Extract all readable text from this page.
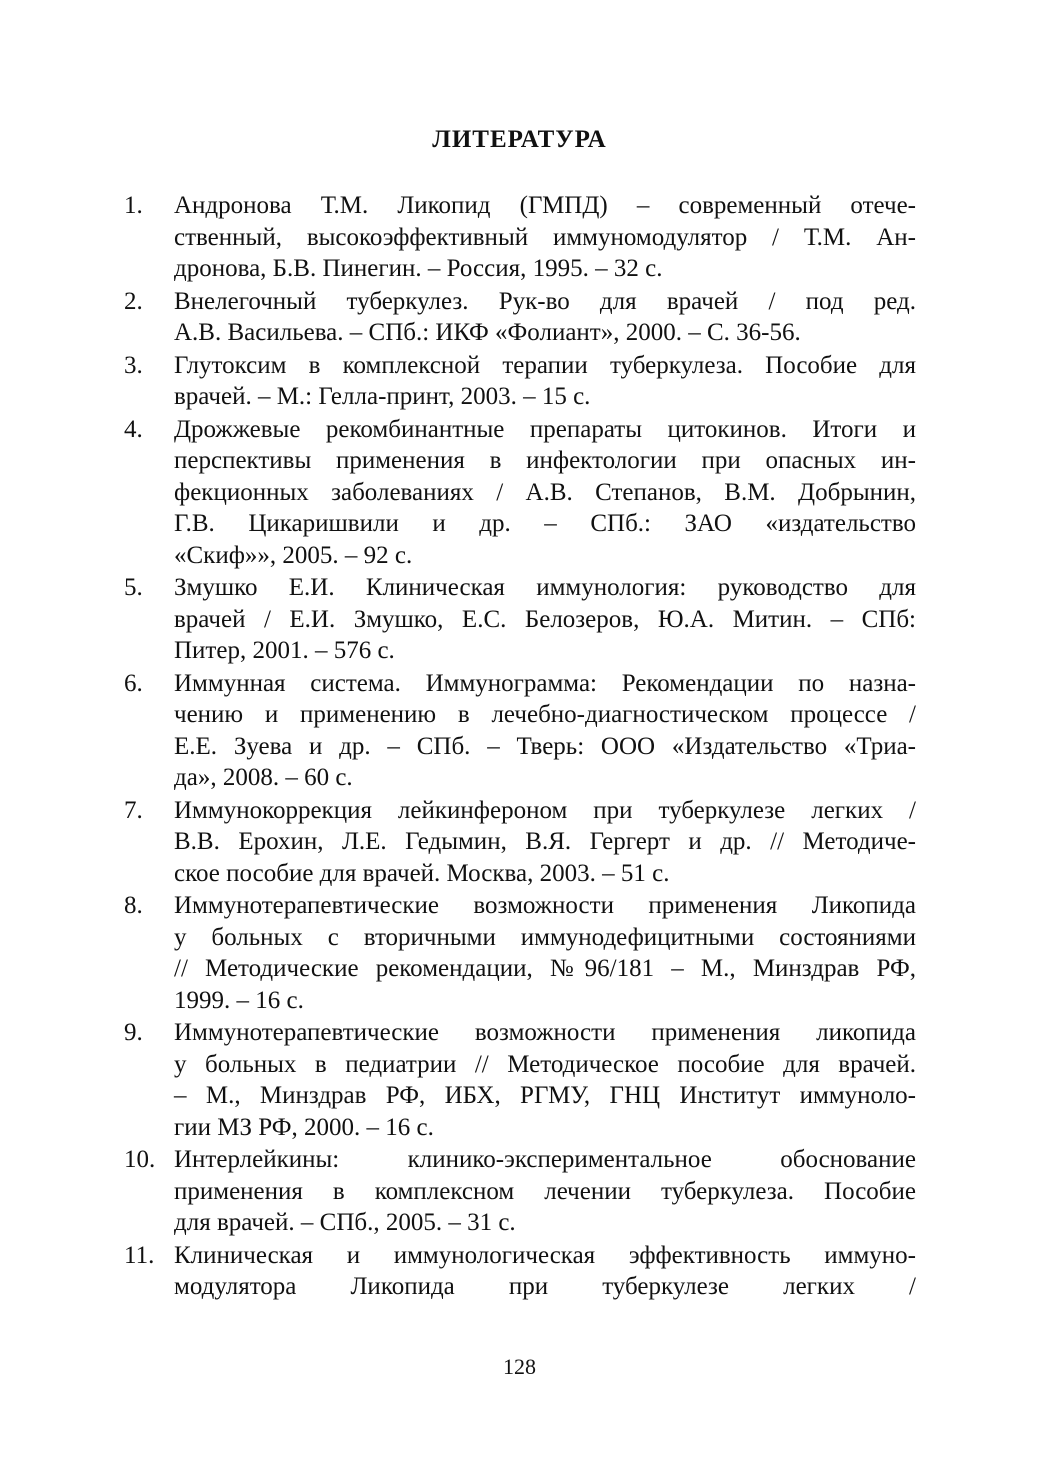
ЛИТЕРАТУРА
1.	Андронова Т.М. Ликопид (ГМПД) – современный отече-
ственный, высокоэффективный иммуномодулятор / Т.М. Ан-
дронова, Б.В. Пинегин. – Россия, 1995. – 32 с.
2.	Внелегочный туберкулез. Рук-во для врачей / под ред.
А.В. Васильева. – СПб.: ИКФ «Фолиант», 2000. – С. 36-56.
3.	Глутоксим в комплексной терапии туберкулеза. Пособие для
врачей. – М.: Гелла-принт, 2003. – 15 с.
4.	Дрожжевые рекомбинантные препараты цитокинов. Итоги и
перспективы применения в инфектологии при опасных ин-
фекционных заболеваниях / А.В. Степанов, В.М. Добрынин,
Г.В. Цикаришвили и др. – СПб.: ЗАО «издательство
«Скиф»», 2005. – 92 с.
5.	Змушко Е.И. Клиническая иммунология: руководство для
врачей / Е.И. Змушко, Е.С. Белозеров, Ю.А. Митин. – СПб:
Питер, 2001. – 576 с.
6.	Иммунная система. Иммунограмма: Рекомендации по назна-
чению и применению в лечебно-диагностическом процессе /
Е.Е. Зуева и др. – СПб. – Тверь: ООО «Издательство «Триа-
да», 2008. – 60 с.
7.	Иммунокоррекция лейкинфероном при туберкулезе легких /
В.В. Ерохин, Л.Е. Гедымин, В.Я. Гергерт и др. // Методиче-
ское пособие для врачей. Москва, 2003. – 51 с.
8.	Иммунотерапевтические возможности применения Ликопида
у больных с вторичными иммунодефицитными состояниями
// Методические рекомендации, №96/181 – М., Минздрав РФ,
1999. – 16 с.
9.	Иммунотерапевтические возможности применения ликопида
у больных в педиатрии // Методическое пособие для врачей.
– М., Минздрав РФ, ИБХ, РГМУ, ГНЦ Институт иммуноло-
гии МЗ РФ, 2000. – 16 с.
10. Интерлейкины: клинико-экспериментальное обоснование
применения в комплексном лечении туберкулеза. Пособие
для врачей. – СПб., 2005. – 31 с.
11. Клиническая и иммунологическая эффективность иммуно-
модулятора Ликопида при туберкулезе легких /
128
